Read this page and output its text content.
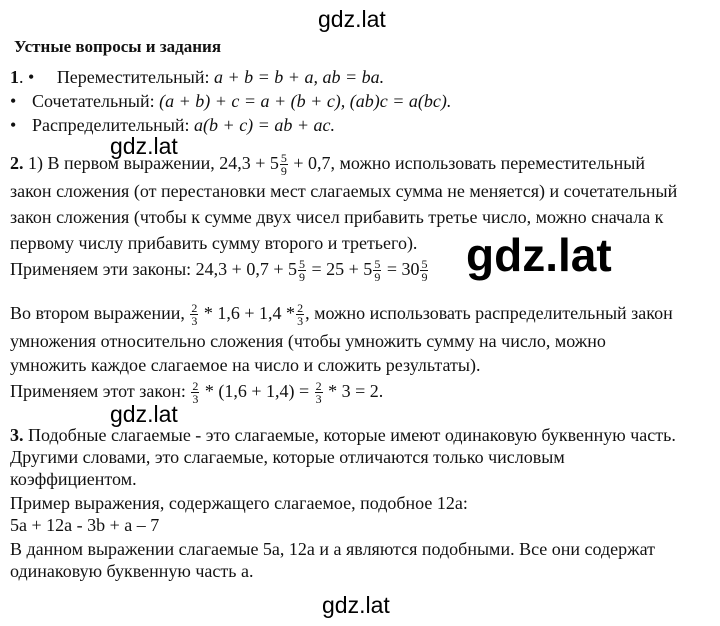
gdz.lat
Устные вопросы и задания
1. • Переместительный: a + b = b + a, ab = ba.
• Сочетательный: (a + b) + c = a + (b + c), (ab)c = a(bc).
• Распределительный: a(b + c) = ab + ac.
gdz.lat
2. 1) В первом выражении, $24,3 + 5 \frac{5}{9} + 0,7$, можно использовать переместительный
закон сложения (от перестановки мест слагаемых сумма не меняется) и сочетательный
закон сложения (чтобы к сумме двух чисел прибавить третье число, можно сначала к
первому числу прибавить сумму второго и третьего).
Применяем эти законы: $24,3 + 0,7 + 5 \frac{5}{9} = 25 + 5 \frac{5}{9} = 30 \frac{5}{9} gdz.lat$
Во втором выражении, $\frac{2}{3} * 1,6 + 1,4 * \frac{2}{3}$ , можно использовать распределительный закон
умножения относительно сложения (чтобы умножить сумму на число, можно
умножить каждое слагаемое на число и сложить результаты).
Применяем этот закон: $\frac{2}{3} * (1,6 + 1,4) = \frac{2}{3} * 3 = 2$.
gdz.lat
3. Подобные слагаемые - это слагаемые, которые имеют одинаковую буквенную часть.
Другими словами, это слагаемые, которые отличаются только числовым
коэффициентом.
Пример выражения, содержащего слагаемое, подобное 12а:
5а + 12а - 3b + а – 7
В данном выражении слагаемые 5а, 12а и а являются подобными. Все они содержат
одинаковую буквенную часть а.
gdz.lat
